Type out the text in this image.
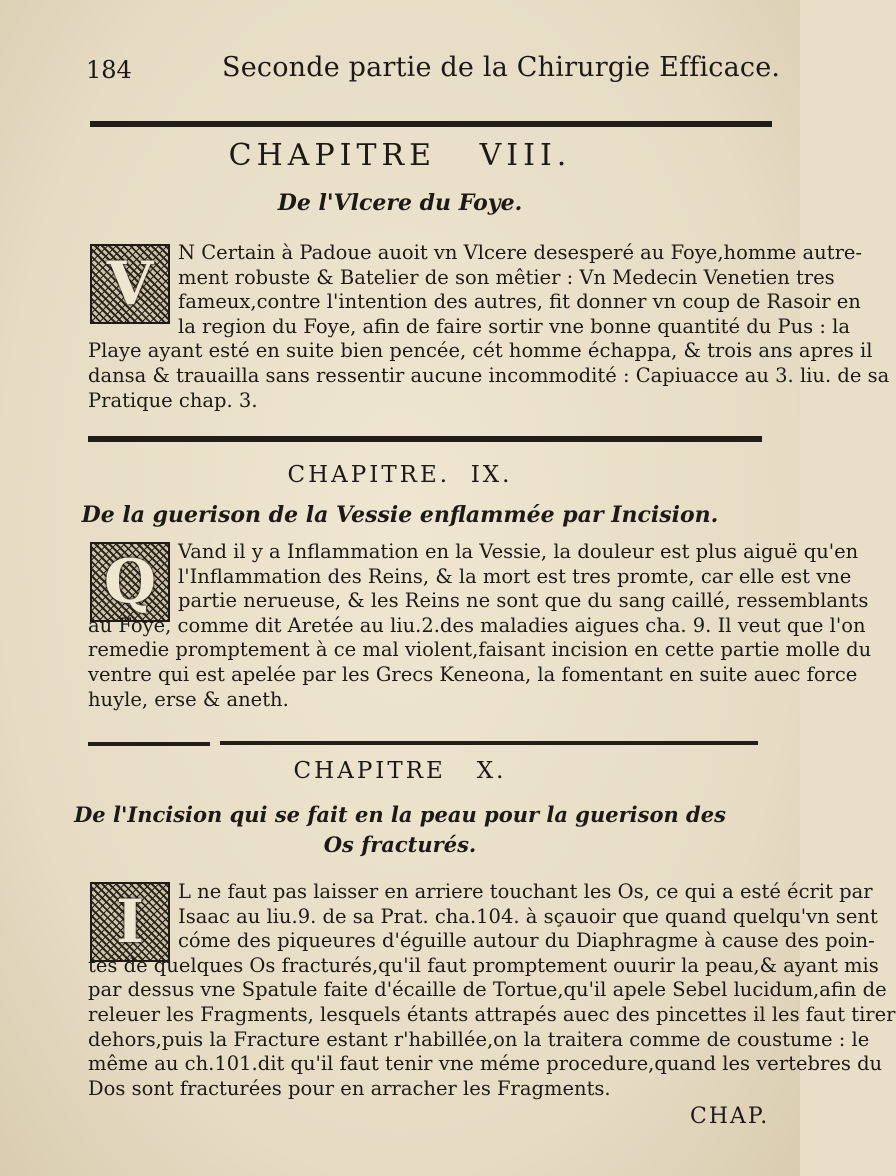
184	Seconde partie de la Chirurgie Efficace.
CHAPITRE   VIII.
De l'Vlcere du Foye.
V	N Certain à Padoue auoit vn Vlcere desesperé au Foye,homme autre-
ment robuste & Batelier de son mêtier : Vn Medecin Venetien tres
fameux,contre l'intention des autres, fit donner vn coup de Rasoir en
la region du Foye, afin de faire sortir vne bonne quantité du Pus : la
Playe ayant esté en suite bien pencée, cét homme échappa, & trois ans apres il
dansa & trauailla sans ressentir aucune incommodité : Capiuacce au 3. liu. de sa
Pratique chap. 3.
CHAPITRE.  IX.
De la guerison de la Vessie enflammée par Incision.
Q	Vand il y a Inflammation en la Vessie, la douleur est plus aiguë qu'en
l'Inflammation des Reins, & la mort est tres promte, car elle est vne
partie nerueuse, & les Reins ne sont que du sang caillé, ressemblants
au Foye, comme dit Aretée au liu.2.des maladies aigues cha. 9. Il veut que l'on
remedie promptement à ce mal violent,faisant incision en cette partie molle du
ventre qui est apelée par les Grecs Keneona, la fomentant en suite auec force
huyle, erse & aneth.
CHAPITRE   X.
De l'Incision qui se fait en la peau pour la guerison des
Os fracturés.
I	L ne faut pas laisser en arriere touchant les Os, ce qui a esté écrit par
Isaac au liu.9. de sa Prat. cha.104. à sçauoir que quand quelqu'vn sent
cóme des piqueures d'éguille autour du Diaphragme à cause des poin-
tes de quelques Os fracturés,qu'il faut promptement ouurir la peau,& ayant mis
par dessus vne Spatule faite d'écaille de Tortue,qu'il apele Sebel lucidum,afin de
releuer les Fragments, lesquels étants attrapés auec des pincettes il les faut tirer
dehors,puis la Fracture estant r'habillée,on la traitera comme de coustume : le
même au ch.101.dit qu'il faut tenir vne méme procedure,quand les vertebres du
Dos sont fracturées pour en arracher les Fragments.
CHAP.
